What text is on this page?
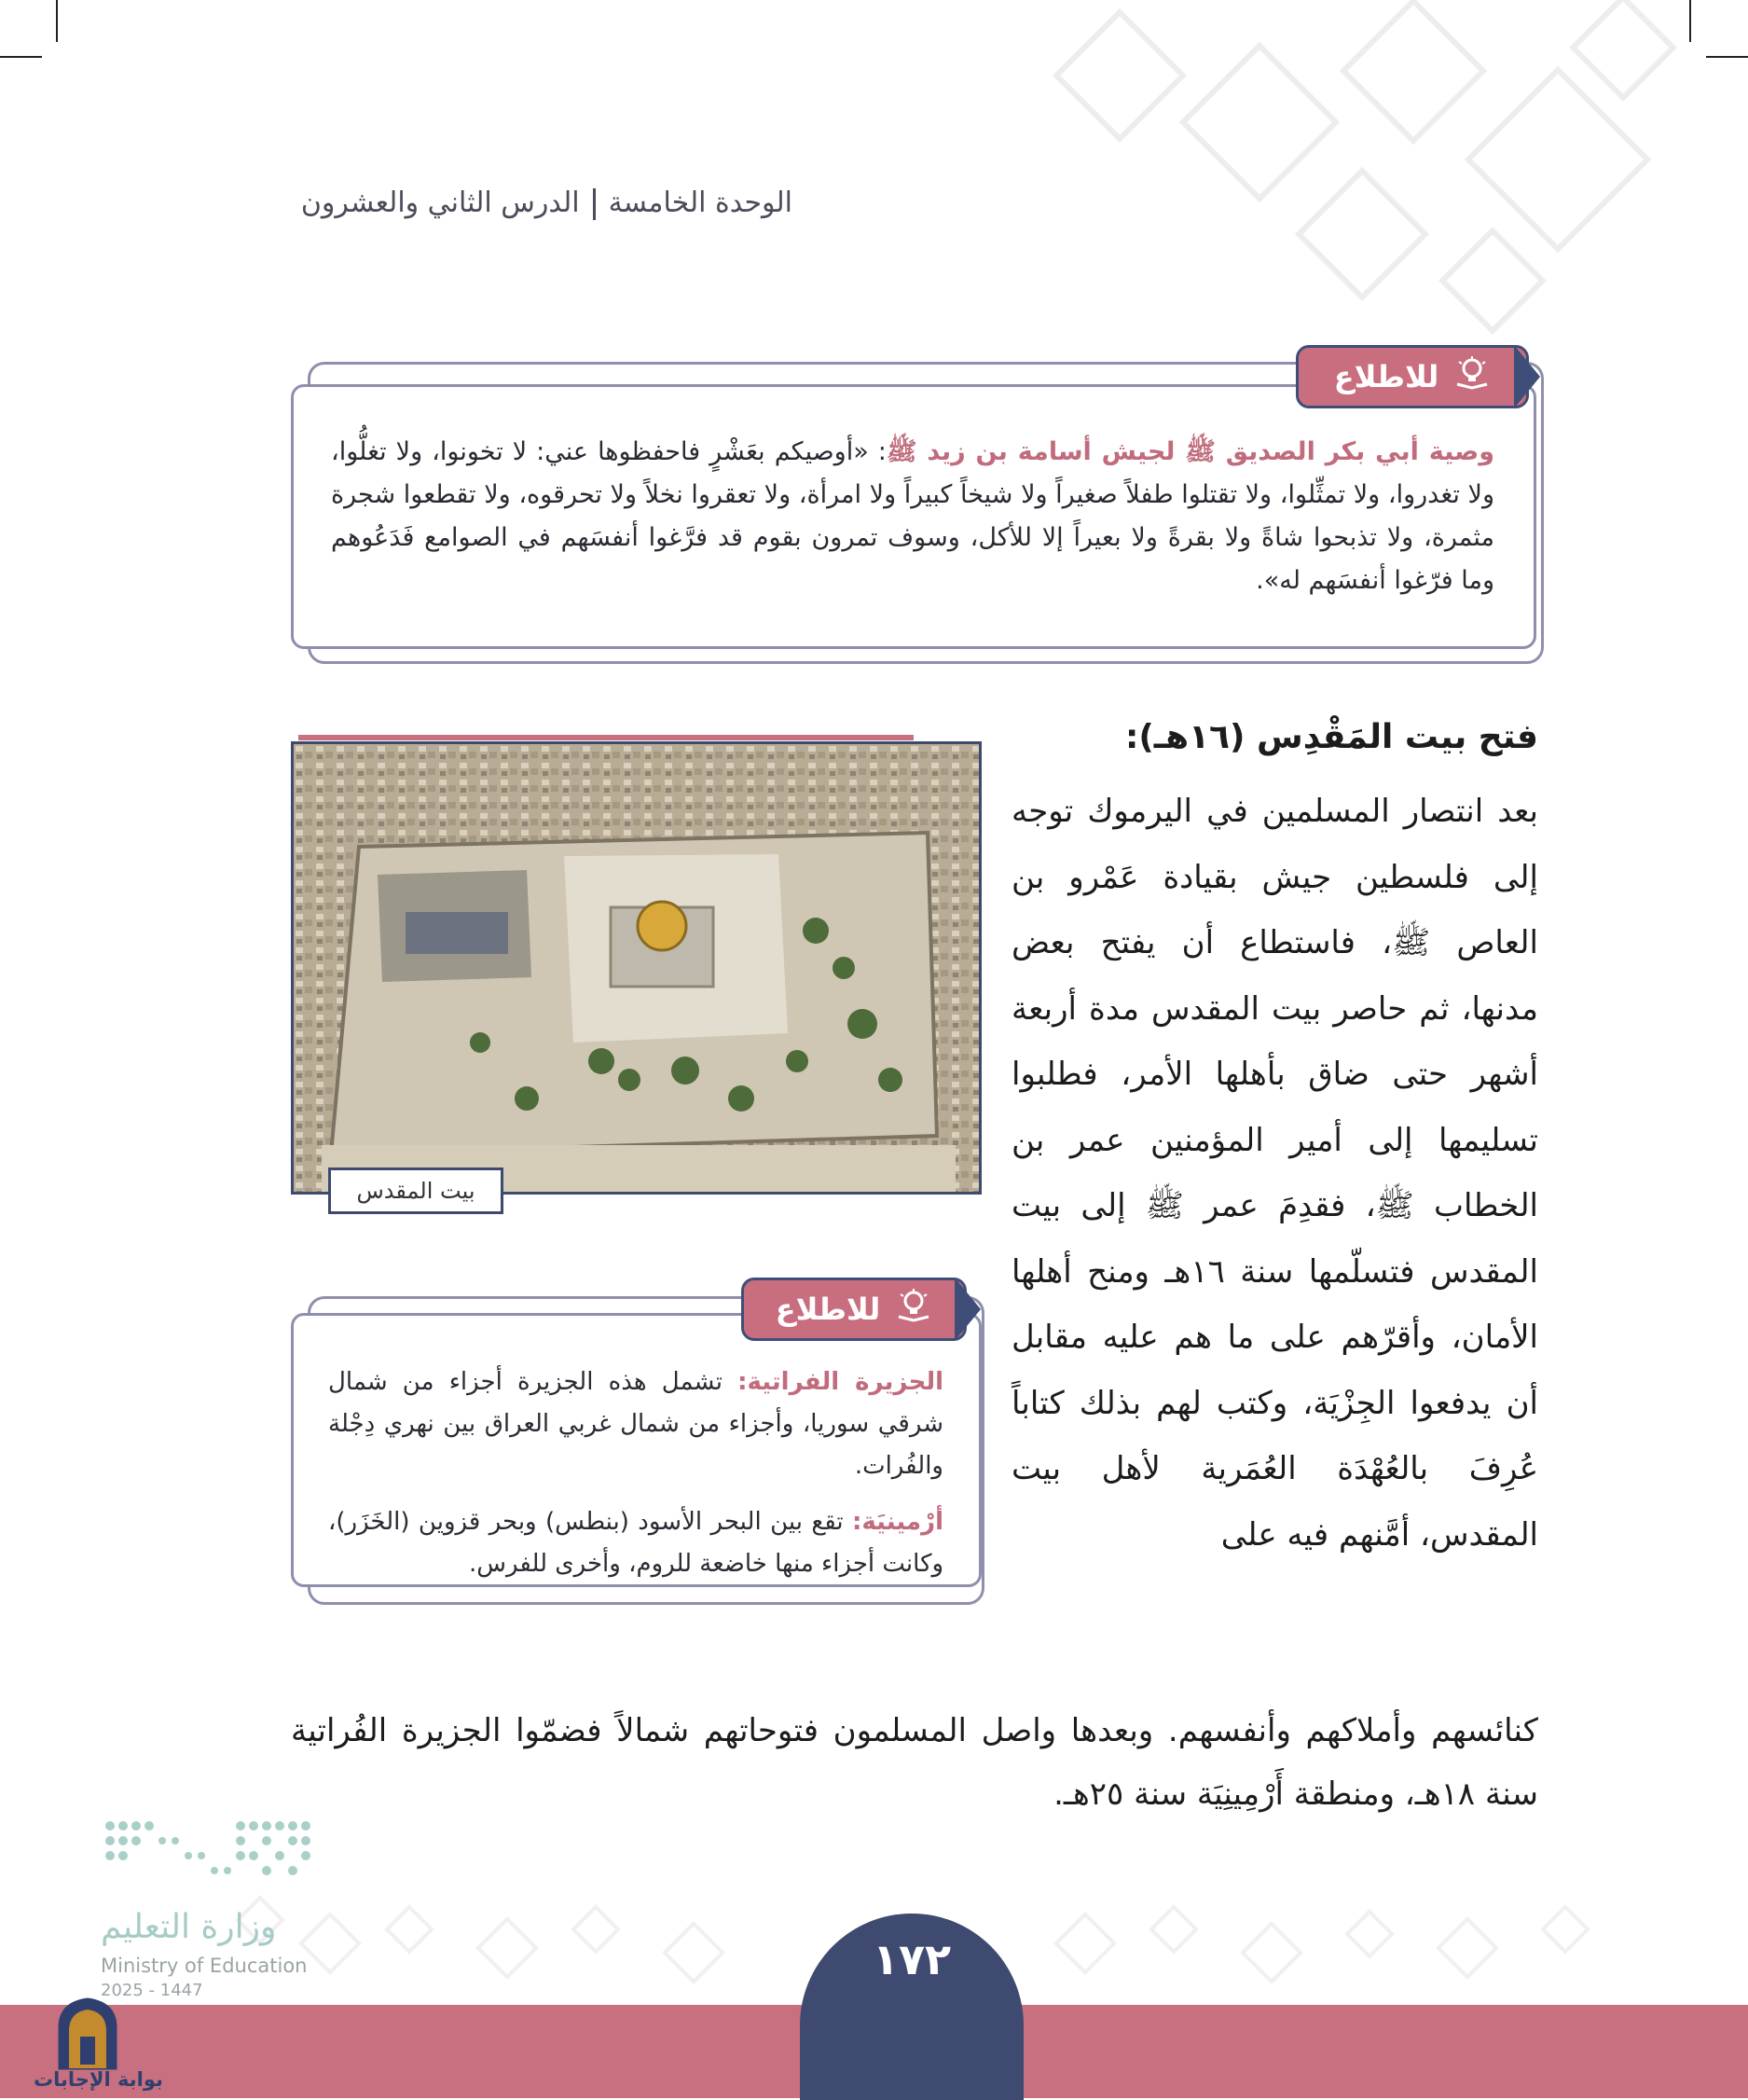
الوحدة الخامسةالدرس الثاني والعشرون
للاطلاع
وصية أبي بكر الصديق ﷺ لجيش أسامة بن زيد ﷺ: «أوصيكم بعَشْرٍ فاحفظوها عني: لا تخونوا، ولا تغلُّوا، ولا تغدروا، ولا تمثِّلوا، ولا تقتلوا طفلاً صغيراً ولا شيخاً كبيراً ولا امرأة، ولا تعقروا نخلاً ولا تحرقوه، ولا تقطعوا شجرة مثمرة، ولا تذبحوا شاةً ولا بقرةً ولا بعيراً إلا للأكل، وسوف تمرون بقوم قد فرَّغوا أنفسَهم في الصوامع فَدَعُوهم وما فرّغوا أنفسَهم له».
فتح بيت المَقْدِس (١٦هـ):
بعد انتصار المسلمين في اليرموك توجه إلى فلسطين جيش بقيادة عَمْرو بن العاص ﷺ، فاستطاع أن يفتح بعض مدنها، ثم حاصر بيت المقدس مدة أربعة أشهر حتى ضاق بأهلها الأمر، فطلبوا تسليمها إلى أمير المؤمنين عمر بن الخطاب ﷺ، فقدِمَ عمر ﷺ إلى بيت المقدس فتسلّمها سنة ١٦هـ ومنح أهلها الأمان، وأقرّهم على ما هم عليه مقابل أن يدفعوا الجِزْيَة، وكتب لهم بذلك كتاباً عُرِفَ بالعُهْدَة العُمَرية لأهل بيت المقدس، أمَّنهم فيه على
بيت المقدس
للاطلاع
الجزيرة الفراتية: تشمل هذه الجزيرة أجزاء من شمال شرقي سوريا، وأجزاء من شمال غربي العراق بين نهري دِجْلة والفُرات.
أرْمينيَة: تقع بين البحر الأسود (بنطس) وبحر قزوين (الخَزَر)، وكانت أجزاء منها خاضعة للروم، وأخرى للفرس.
كنائسهم وأملاكهم وأنفسهم. وبعدها واصل المسلمون فتوحاتهم شمالاً فضمّوا الجزيرة الفُراتية سنة ١٨هـ، ومنطقة أَرْمِينِيَة سنة ٢٥هـ.
وزارة التعليم
Ministry of Education
2025 - 1447
١٧٢
بوابة الإجابات
